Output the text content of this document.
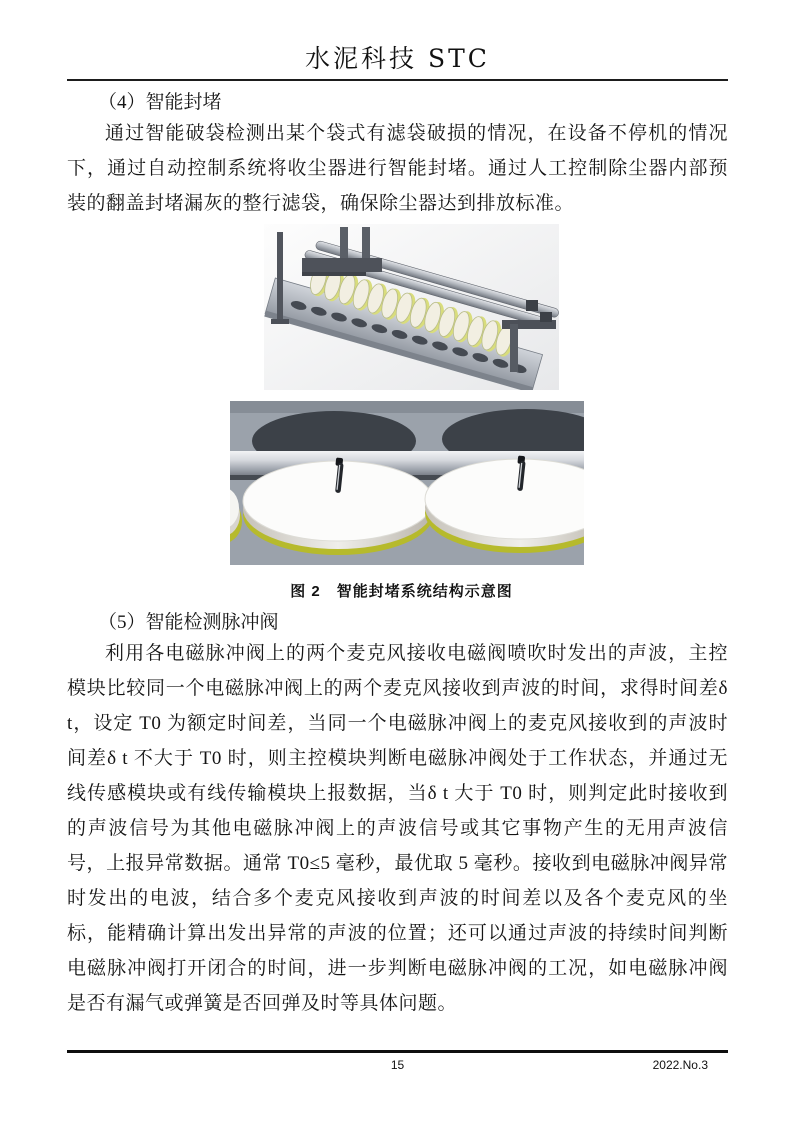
水泥科技 STC
（4）智能封堵

通过智能破袋检测出某个袋式有滤袋破损的情况，在设备不停机的情况下，通过自动控制系统将收尘器进行智能封堵。通过人工控制除尘器内部预装的翻盖封堵漏灰的整行滤袋，确保除尘器达到排放标准。

图 2　智能封堵系统结构示意图
（5）智能检测脉冲阀

利用各电磁脉冲阀上的两个麦克风接收电磁阀喷吹时发出的声波，主控模块比较同一个电磁脉冲阀上的两个麦克风接收到声波的时间，求得时间差δ t，设定 T0 为额定时间差，当同一个电磁脉冲阀上的麦克风接收到的声波时间差δ t 不大于 T0 时，则主控模块判断电磁脉冲阀处于工作状态，并通过无线传感模块或有线传输模块上报数据，当δ t 大于 T0 时，则判定此时接收到的声波信号为其他电磁脉冲阀上的声波信号或其它事物产生的无用声波信号，上报异常数据。通常 T0≤5 毫秒，最优取 5 毫秒。接收到电磁脉冲阀异常时发出的电波，结合多个麦克风接收到声波的时间差以及各个麦克风的坐标，能精确计算出发出异常的声波的位置；还可以通过声波的持续时间判断电磁脉冲阀打开闭合的时间，进一步判断电磁脉冲阀的工况，如电磁脉冲阀是否有漏气或弹簧是否回弹及时等具体问题。

15	2022.No.3
